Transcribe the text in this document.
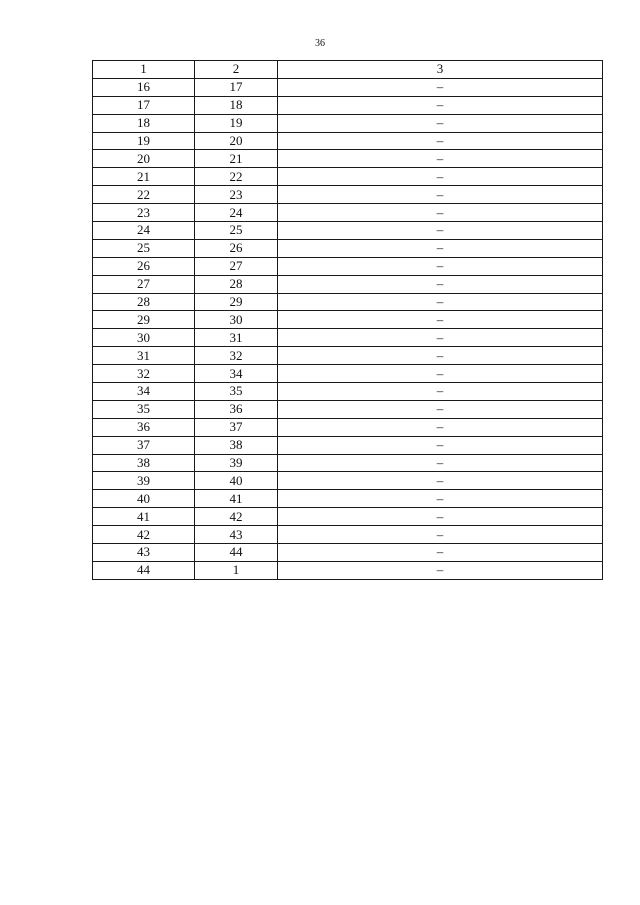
36
1	2	3
16	17	–
17	18	–
18	19	–
19	20	–
20	21	–
21	22	–
22	23	–
23	24	–
24	25	–
25	26	–
26	27	–
27	28	–
28	29	–
29	30	–
30	31	–
31	32	–
32	34	–
34	35	–
35	36	–
36	37	–
37	38	–
38	39	–
39	40	–
40	41	–
41	42	–
42	43	–
43	44	–
44	1	–
